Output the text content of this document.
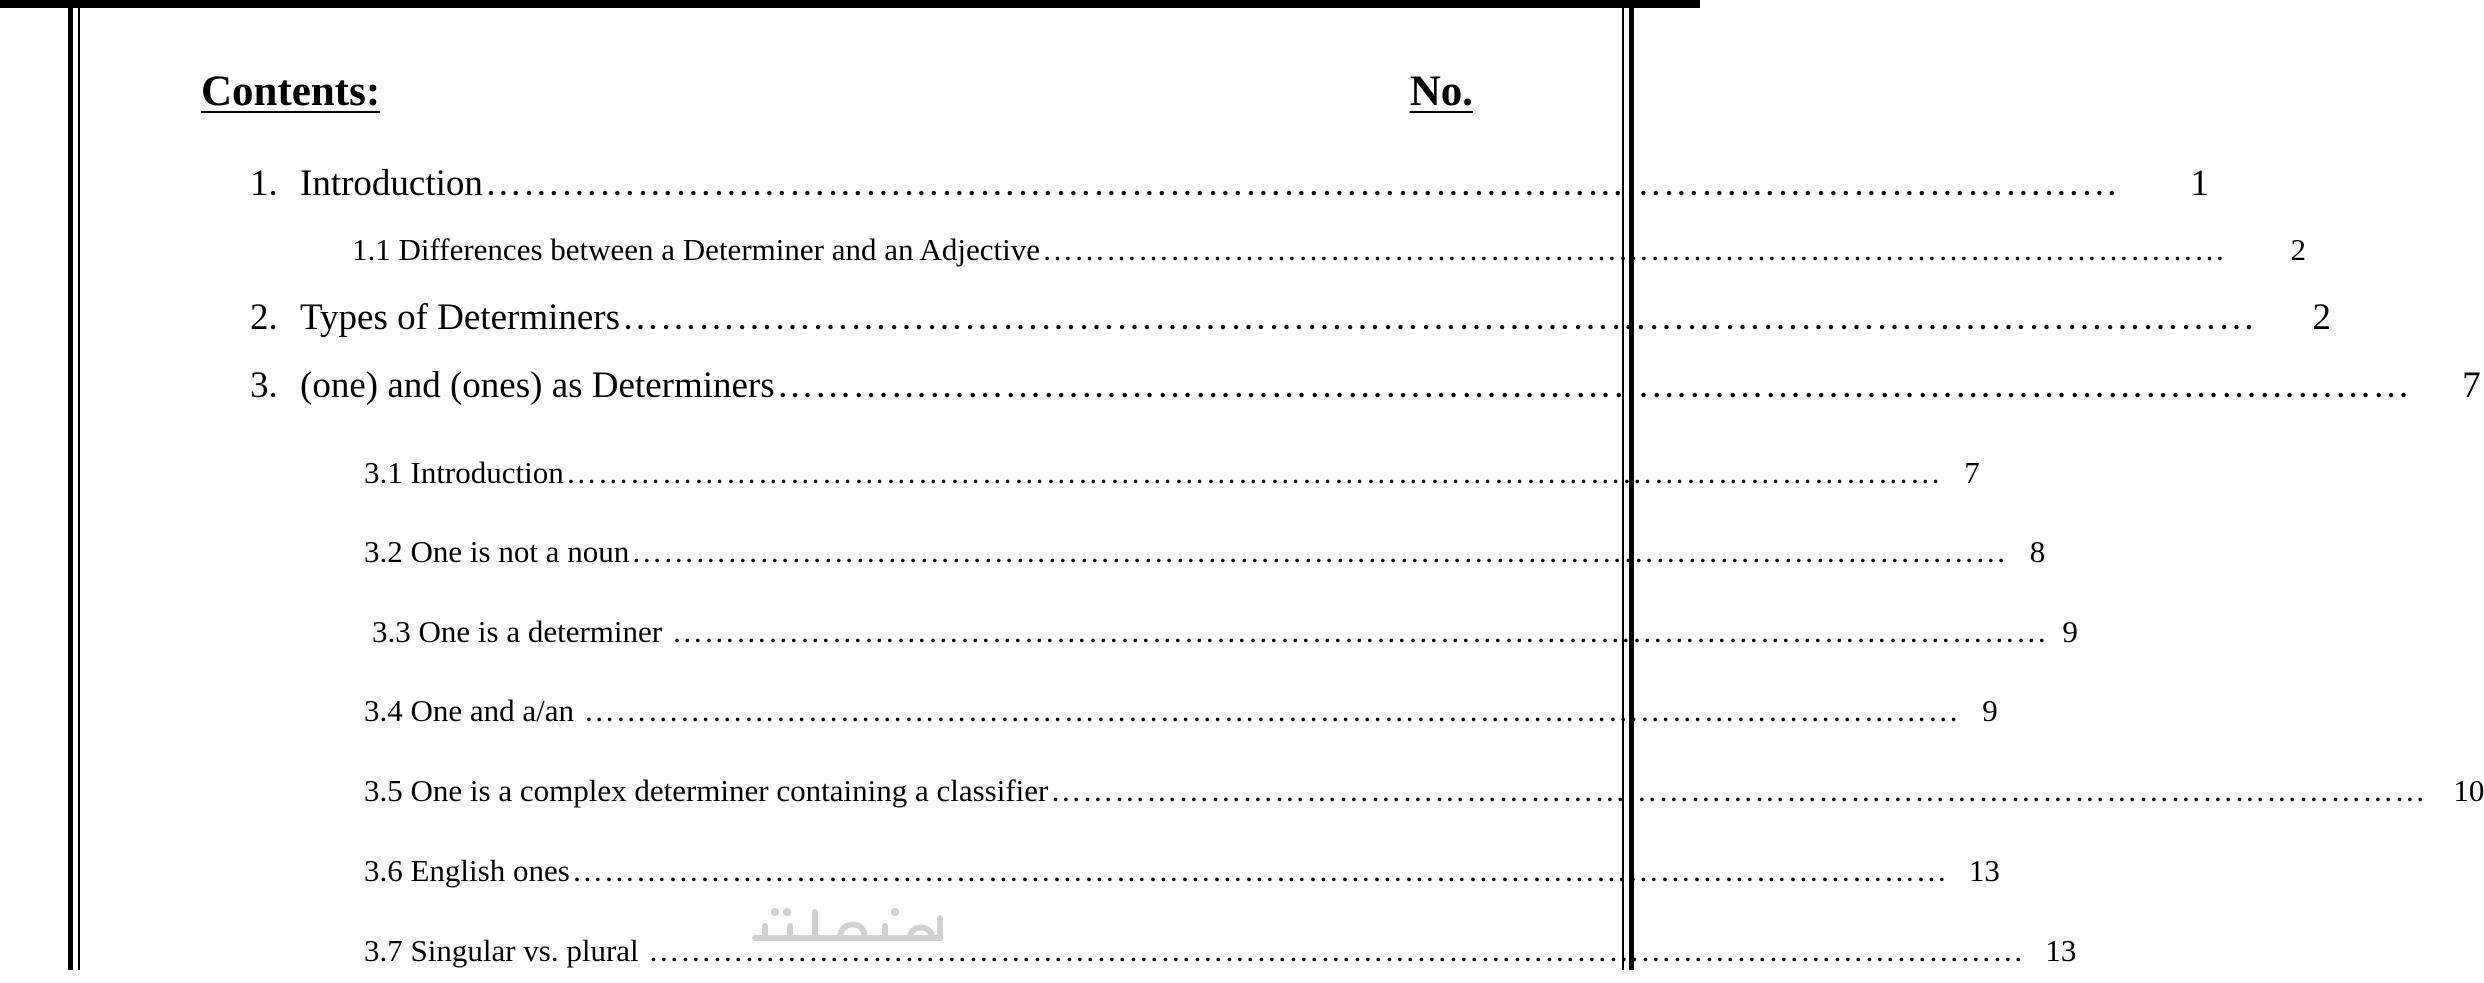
Contents:	No.
1. Introduction …………………………………………………………………………………………………………………	1
1.1 Differences between a Determiner and an Adjective …………………………………………………………………………………………………	2
2. Types of Determiners …………………………………………………………………………………………………………………	2
3. (one) and (ones) as Determiners …………………………………………………………………………………………………………………	7
3.1 Introduction ………………………………………………………………………………………………………………… 7
3.2 One is not a noun ………………………………………………………………………………………………………………… 8
3.3 One is a determiner ………………………………………………………………………………………………………………… 9
3.4 One and a/an ………………………………………………………………………………………………………………… 9
3.5 One is a complex determiner containing a classifier ………………………………………………………………………………………………………………… 10
3.6 English ones ………………………………………………………………………………………………………………… 13
3.7 Singular vs. plural ………………………………………………………………………………………………………………… 13
